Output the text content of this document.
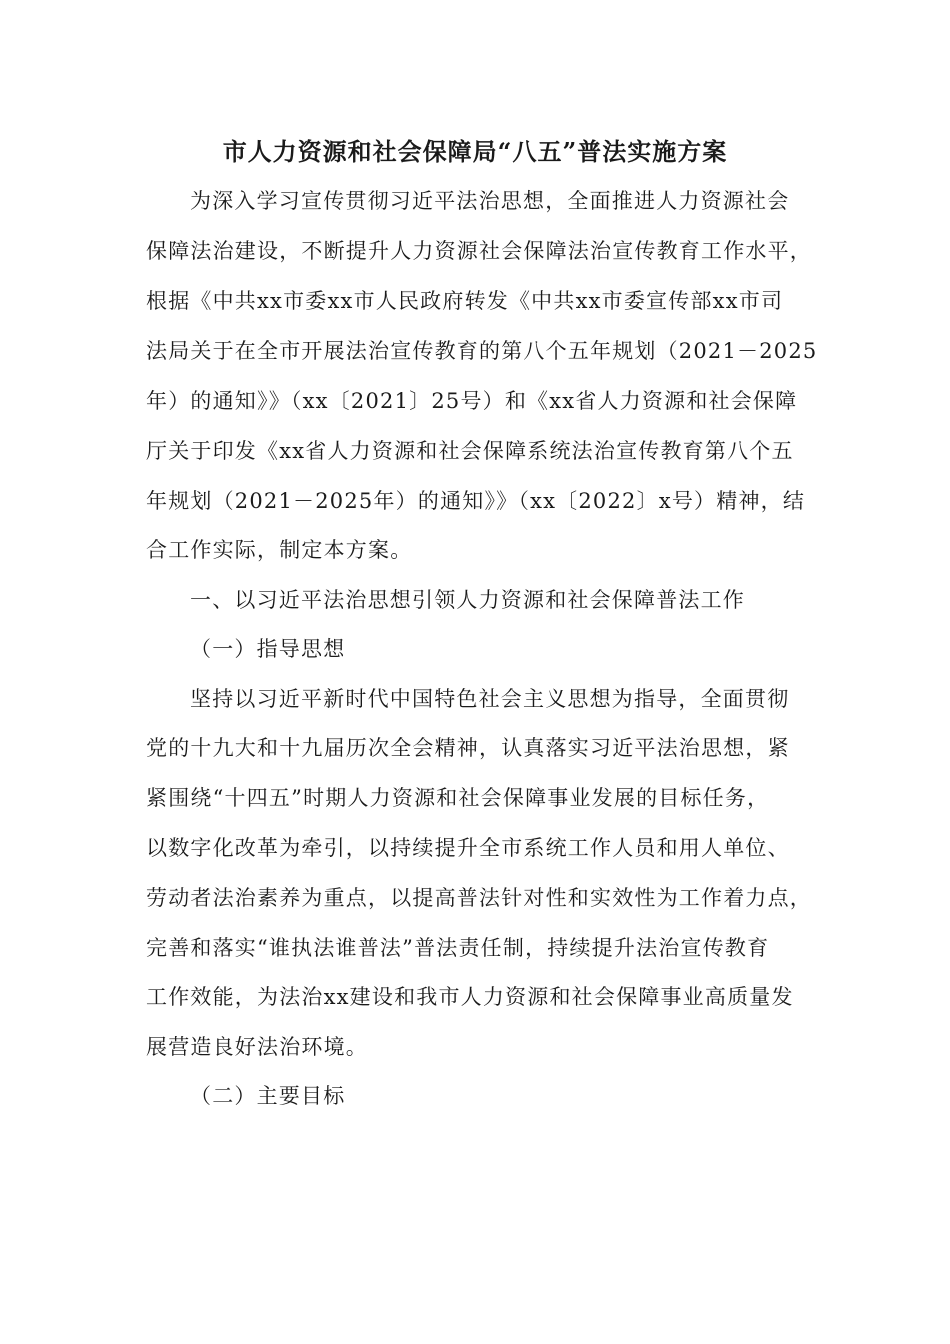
市人力资源和社会保障局“八五”普法实施方案
为深入学习宣传贯彻习近平法治思想，全面推进人力资源社会
保障法治建设，不断提升人力资源社会保障法治宣传教育工作水平，
根据《中共xx市委xx市人民政府转发《中共xx市委宣传部xx市司
法局关于在全市开展法治宣传教育的第八个五年规划（2021－2025
年）的通知》》（xx〔2021〕25号）和《xx省人力资源和社会保障
厅关于印发《xx省人力资源和社会保障系统法治宣传教育第八个五
年规划（2021－2025年）的通知》》（xx〔2022〕x号）精神，结
合工作实际，制定本方案。
一、以习近平法治思想引领人力资源和社会保障普法工作
（一）指导思想
坚持以习近平新时代中国特色社会主义思想为指导，全面贯彻
党的十九大和十九届历次全会精神，认真落实习近平法治思想，紧
紧围绕“十四五”时期人力资源和社会保障事业发展的目标任务，
以数字化改革为牵引，以持续提升全市系统工作人员和用人单位、
劳动者法治素养为重点，以提高普法针对性和实效性为工作着力点，
完善和落实“谁执法谁普法”普法责任制，持续提升法治宣传教育
工作效能，为法治xx建设和我市人力资源和社会保障事业高质量发
展营造良好法治环境。
（二）主要目标
